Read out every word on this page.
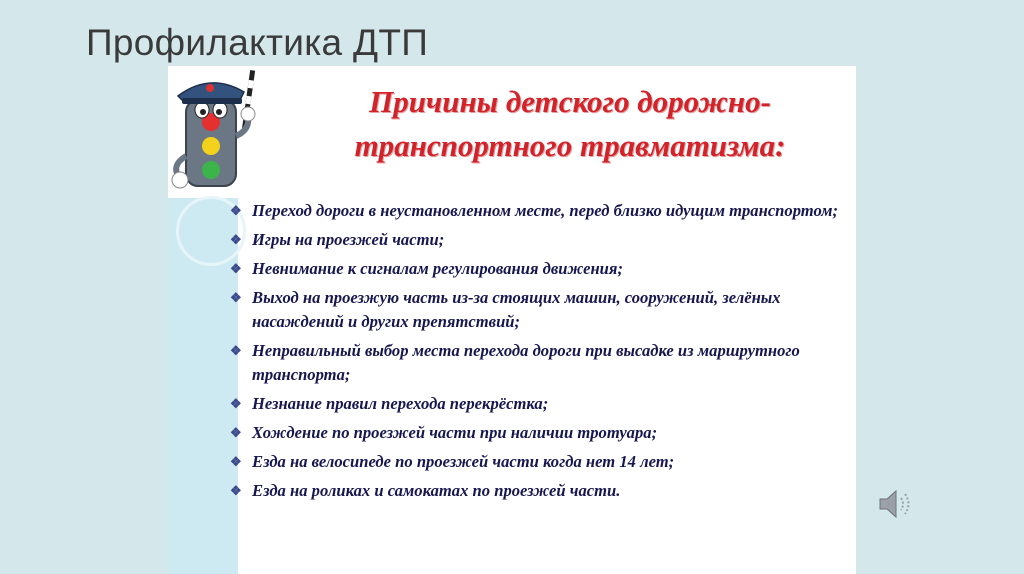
Профилактика ДТП
Причины детского дорожно-
транспортного травматизма:
❖ Переход дороги в неустановленном месте, перед близко идущим транспортом;
❖ Игры на проезжей части;
❖ Невнимание к сигналам регулирования движения;
❖ Выход на проезжую часть из-за стоящих машин, сооружений, зелёных насаждений и других препятствий;
❖ Неправильный выбор места перехода дороги при высадке из маршрутного транспорта;
❖ Незнание правил перехода перекрёстка;
❖ Хождение по проезжей части при наличии тротуара;
❖ Езда на велосипеде по проезжей части когда нет 14 лет;
❖ Езда на роликах и самокатах по проезжей части.
